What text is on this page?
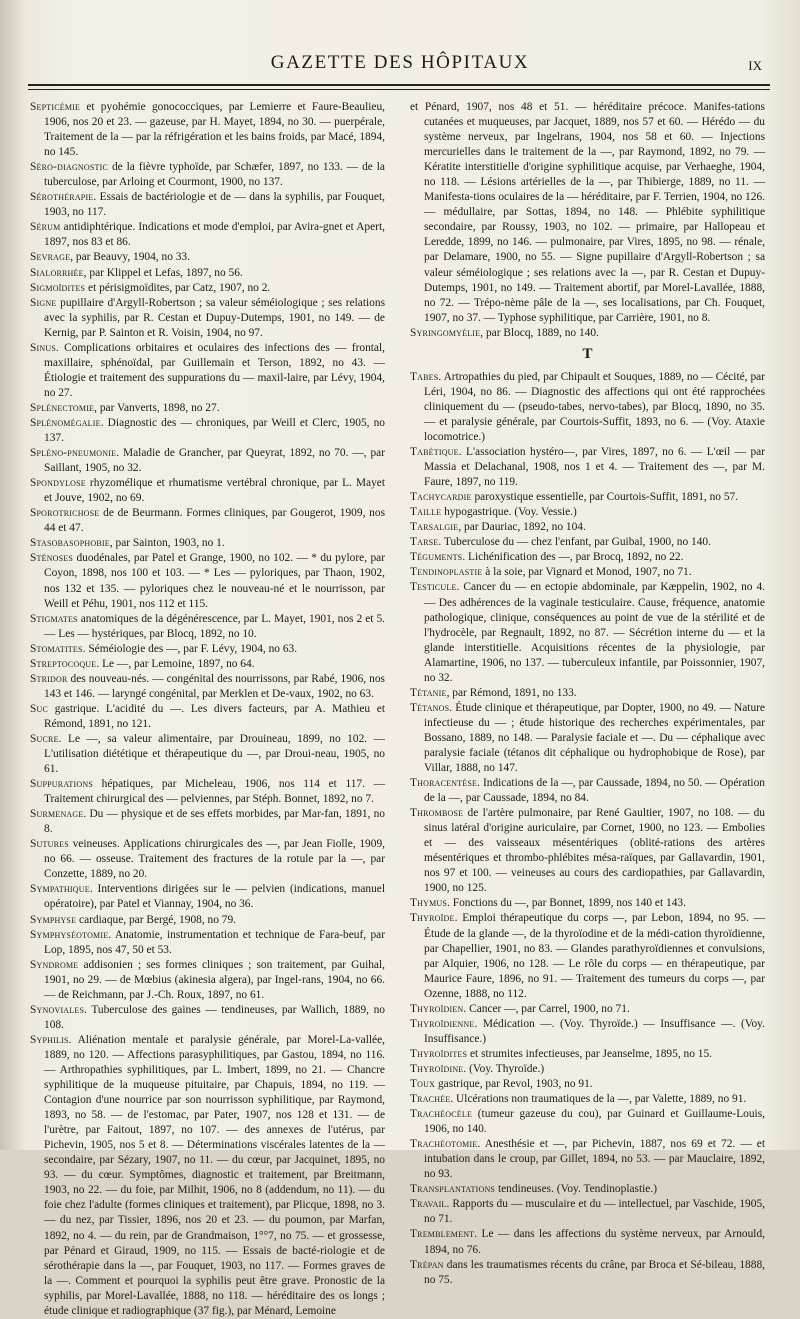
GAZETTE DES HÔPITAUX	IX

Septicémie et pyohémie gonococciques, par Lemierre et Faure-Beaulieu, 1906, nos 20 et 23. — gazeuse, par H. Mayet, 1894, no 30. — puerpérale, Traitement de la — par la réfrigération et les bains froids, par Macé, 1894, no 145.

Séro-diagnostic de la fièvre typhoïde, par Schæfer, 1897, no 133. — de la tuberculose, par Arloing et Courmont, 1900, no 137.

Sérothérapie. Essais de bactériologie et de — dans la syphilis, par Fouquet, 1903, no 117.

Sérum antidiphtérique. Indications et mode d'emploi, par Avira-gnet et Apert, 1897, nos 83 et 86.

Sevrage, par Beauvy, 1904, no 33.

Sialorrhée, par Klippel et Lefas, 1897, no 56.

Sigmoïdites et périsigmoïdites, par Catz, 1907, no 2.

Signe pupillaire d'Argyll-Robertson ; sa valeur séméiologique ; ses relations avec la syphilis, par R. Cestan et Dupuy-Dutemps, 1901, no 149. — de Kernig, par P. Sainton et R. Voisin, 1904, no 97.

Sinus. Complications orbitaires et oculaires des infections des — frontal, maxillaire, sphénoïdal, par Guillemain et Terson, 1892, no 43. — Étiologie et traitement des suppurations du — maxil-laire, par Lévy, 1904, no 27.

Splénectomie, par Vanverts, 1898, no 27.

Splénomégalie. Diagnostic des — chroniques, par Weill et Clerc, 1905, no 137.

Spléno-pneumonie. Maladie de Grancher, par Queyrat, 1892, no 70. —, par Saillant, 1905, no 32.

Spondylose rhyzomélique et rhumatisme vertébral chronique, par L. Mayet et Jouve, 1902, no 69.

Sporotrichose de de Beurmann. Formes cliniques, par Gougerot, 1909, nos 44 et 47.

Stasobasophobie, par Sainton, 1903, no 1.

Sténoses duodénales, par Patel et Grange, 1900, no 102. — * du pylore, par Coyon, 1898, nos 100 et 103. — * Les — pyloriques, par Thaon, 1902, nos 132 et 135. — pyloriques chez le nouveau-né et le nourrisson, par Weill et Péhu, 1901, nos 112 et 115.

Stigmates anatomiques de la dégénérescence, par L. Mayet, 1901, nos 2 et 5. — Les — hystériques, par Blocq, 1892, no 10.

Stomatites. Séméiologie des —, par F. Lévy, 1904, no 63.

Streptocoque. Le —, par Lemoine, 1897, no 64.

Stridor des nouveau-nés. — congénital des nourrissons, par Rabé, 1906, nos 143 et 146. — laryngé congénital, par Merklen et De-vaux, 1902, no 63.

Suc gastrique. L'acidité du —. Les divers facteurs, par A. Mathieu et Rémond, 1891, no 121.

Sucre. Le —, sa valeur alimentaire, par Drouineau, 1899, no 102. — L'utilisation diététique et thérapeutique du —, par Droui-neau, 1905, no 61.

Suppurations hépatiques, par Micheleau, 1906, nos 114 et 117. — Traitement chirurgical des — pelviennes, par Stéph. Bonnet, 1892, no 7.

Surmenage. Du — physique et de ses effets morbides, par Mar-fan, 1891, no 8.

Sutures veineuses. Applications chirurgicales des —, par Jean Fiolle, 1909, no 66. — osseuse. Traitement des fractures de la rotule par la —, par Conzette, 1889, no 20.

Sympathique. Interventions dirigées sur le — pelvien (indications, manuel opératoire), par Patel et Viannay, 1904, no 36.

Symphyse cardiaque, par Bergé, 1908, no 79.

Symphyséotomie. Anatomie, instrumentation et technique de Fara-beuf, par Lop, 1895, nos 47, 50 et 53.

Syndrome addisonien ; ses formes cliniques ; son traitement, par Guihal, 1901, no 29. — de Mœbius (akinesia algera), par Ingel-rans, 1904, no 66. — de Reichmann, par J.-Ch. Roux, 1897, no 61.

Synoviales. Tuberculose des gaines — tendineuses, par Wallich, 1889, no 108.

Syphilis. Aliénation mentale et paralysie générale, par Morel-La-vallée, 1889, no 120. — Affections parasyphilitiques, par Gastou, 1894, no 116. — Arthropathies syphilitiques, par L. Imbert, 1899, no 21. — Chancre syphilitique de la muqueuse pituitaire, par Chapuis, 1894, no 119. — Contagion d'une nourrice par son nourrisson syphilitique, par Raymond, 1893, no 58. — de l'estomac, par Pater, 1907, nos 128 et 131. — de l'urètre, par Faitout, 1897, no 107. — des annexes de l'utérus, par Pichevin, 1905, nos 5 et 8. — Déterminations viscérales latentes de la — secondaire, par Sézary, 1907, no 11. — du cœur, par Jacquinet, 1895, no 93. — du cœur. Symptômes, diagnostic et traitement, par Breitmann, 1903, no 22. — du foie, par Milhit, 1906, no 8 (addendum, no 11). — du foie chez l'adulte (formes cliniques et traitement), par Plicque, 1898, no 3. — du nez, par Tissier, 1896, nos 20 et 23. — du poumon, par Marfan, 1892, no 4. — du rein, par de Grandmaison, 1°°7, no 75. — et grossesse, par Pénard et Giraud, 1909, no 115. — Essais de bacté-riologie et de sérothérapie dans la —, par Fouquet, 1903, no 117. — Formes graves de la —. Comment et pourquoi la syphilis peut être grave. Pronostic de la syphilis, par Morel-Lavallée, 1888, no 118. — héréditaire des os longs ; étude clinique et radiographique (37 fig.), par Ménard, Lemoine

et Pénard, 1907, nos 48 et 51. — héréditaire précoce. Manifes-tations cutanées et muqueuses, par Jacquet, 1889, nos 57 et 60. — Hérédo — du système nerveux, par Ingelrans, 1904, nos 58 et 60. — Injections mercurielles dans le traitement de la —, par Raymond, 1892, no 79. — Kératite interstitielle d'origine syphilitique acquise, par Verhaeghe, 1904, no 118. — Lésions artérielles de la —, par Thibierge, 1889, no 11. — Manifesta-tions oculaires de la — héréditaire, par F. Terrien, 1904, no 126. — médullaire, par Sottas, 1894, no 148. — Phlébite syphilitique secondaire, par Roussy, 1903, no 102. — primaire, par Hallopeau et Leredde, 1899, no 146. — pulmonaire, par Vires, 1895, no 98. — rénale, par Delamare, 1900, no 55. — Signe pupillaire d'Argyll-Robertson ; sa valeur séméiologique ; ses relations avec la —, par R. Cestan et Dupuy-Dutemps, 1901, no 149. — Traitement abortif, par Morel-Lavallée, 1888, no 72. — Trépo-nème pâle de la —, ses localisations, par Ch. Fouquet, 1907, no 37. — Typhose syphilitique, par Carrière, 1901, no 8.

Syringomyélie, par Blocq, 1889, no 140.

T

Tabes. Artropathies du pied, par Chipault et Souques, 1889, no — Cécité, par Léri, 1904, no 86. — Diagnostic des affections qui ont été rapprochées cliniquement du — (pseudo-tabes, nervo-tabes), par Blocq, 1890, no 35. — et paralysie générale, par Courtois-Suffit, 1893, no 6. — (Voy. Ataxie locomotrice.)

Tabétique. L'association hystéro—, par Vires, 1897, no 6. — L'œil — par Massia et Delachanal, 1908, nos 1 et 4. — Traitement des —, par M. Faure, 1897, no 119.

Tachycardie paroxystique essentielle, par Courtois-Suffit, 1891, no 57.

Taille hypogastrique. (Voy. Vessie.)

Tarsalgie, par Dauriac, 1892, no 104.

Tarse. Tuberculose du — chez l'enfant, par Guibal, 1900, no 140.

Téguments. Lichénification des —, par Brocq, 1892, no 22.

Tendinoplastie à la soie, par Vignard et Monod, 1907, no 71.

Testicule. Cancer du — en ectopie abdominale, par Kæppelin, 1902, no 4. — Des adhérences de la vaginale testiculaire. Cause, fréquence, anatomie pathologique, clinique, conséquences au point de vue de la stérilité et de l'hydrocèle, par Regnault, 1892, no 87. — Sécrétion interne du — et la glande interstitielle. Acquisitions récentes de la physiologie, par Alamartine, 1906, no 137. — tuberculeux infantile, par Poissonnier, 1907, no 32.

Tétanie, par Rémond, 1891, no 133.

Tétanos. Étude clinique et thérapeutique, par Dopter, 1900, no 49. — Nature infectieuse du — ; étude historique des recherches expérimentales, par Bossano, 1889, no 148. — Paralysie faciale et —. Du — céphalique avec paralysie faciale (tétanos dit céphalique ou hydrophobique de Rose), par Villar, 1888, no 147.

Thoracentèse. Indications de la —, par Caussade, 1894, no 50. — Opération de la —, par Caussade, 1894, no 84.

Thrombose de l'artère pulmonaire, par René Gaultier, 1907, no 108. — du sinus latéral d'origine auriculaire, par Cornet, 1900, no 123. — Embolies et — des vaisseaux mésentériques (oblité-rations des artères mésentériques et thrombo-phlébites mésa-raïques, par Gallavardin, 1901, nos 97 et 100. — veineuses au cours des cardiopathies, par Gallavardin, 1900, no 125.

Thymus. Fonctions du —, par Bonnet, 1899, nos 140 et 143.

Thyroïde. Emploi thérapeutique du corps —, par Lebon, 1894, no 95. — Étude de la glande —, de la thyroïodine et de la médi-cation thyroïdienne, par Chapellier, 1901, no 83. — Glandes parathyroïdiennes et convulsions, par Alquier, 1906, no 128. — Le rôle du corps — en thérapeutique, par Maurice Faure, 1896, no 91. — Traitement des tumeurs du corps —, par Ozenne, 1888, no 112.

Thyroïdien. Cancer —, par Carrel, 1900, no 71.

Thyroïdienne. Médication —. (Voy. Thyroïde.) — Insuffisance —. (Voy. Insuffisance.)

Thyroïdites et strumites infectieuses, par Jeanselme, 1895, no 15.

Thyroïdine. (Voy. Thyroïde.)

Toux gastrique, par Revol, 1903, no 91.

Trachée. Ulcérations non traumatiques de la —, par Valette, 1889, no 91.

Trachéocèle (tumeur gazeuse du cou), par Guinard et Guillaume-Louis, 1906, no 140.

Trachéotomie. Anesthésie et —, par Pichevin, 1887, nos 69 et 72. — et intubation dans le croup, par Gillet, 1894, no 53. — par Mauclaire, 1892, no 93.

Transplantations tendineuses. (Voy. Tendinoplastie.)

Travail. Rapports du — musculaire et du — intellectuel, par Vaschide, 1905, no 71.

Tremblement. Le — dans les affections du système nerveux, par Arnould, 1894, no 76.

Trépan dans les traumatismes récents du crâne, par Broca et Sé-bileau, 1888, no 75.
